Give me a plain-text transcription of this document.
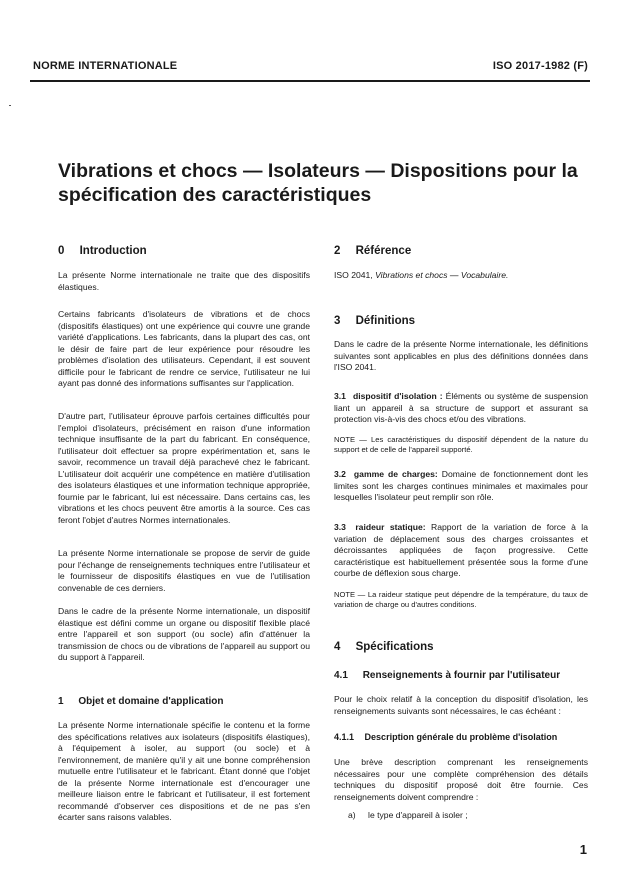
NORME INTERNATIONALE	ISO 2017-1982 (F)
Vibrations et chocs — Isolateurs — Dispositions pour la spécification des caractéristiques
0 Introduction

La présente Norme internationale ne traite que des dispositifs élastiques.

Certains fabricants d'isolateurs de vibrations et de chocs (dispositifs élastiques) ont une expérience qui couvre une grande variété d'applications. Les fabricants, dans la plupart des cas, ont le désir de faire part de leur expérience pour résoudre les problèmes d'isolation des utilisateurs. Cependant, il est souvent difficile pour le fabricant de rendre ce service, l'utilisateur ne lui ayant pas donné des informations suffisantes sur l'application.

D'autre part, l'utilisateur éprouve parfois certaines difficultés pour l'emploi d'isolateurs, précisément en raison d'une information technique insuffisante de la part du fabricant. En conséquence, l'utilisateur doit effectuer sa propre expérimentation et, sans le savoir, recommence un travail déjà parachevé chez le fabricant. L'utilisateur doit acquérir une compétence en matière d'utilisation des isolateurs élastiques et une information technique appropriée, fournie par le fabricant, lui est nécessaire. Dans certains cas, les vibrations et les chocs peuvent être amortis à la source. Ces cas feront l'objet d'autres Normes internationales.

La présente Norme internationale se propose de servir de guide pour l'échange de renseignements techniques entre l'utilisateur et le fournisseur de dispositifs élastiques en vue de l'utilisation convenable de ces derniers.

Dans le cadre de la présente Norme internationale, un dispositif élastique est défini comme un organe ou dispositif flexible placé entre l'appareil et son support (ou socle) afin d'atténuer la transmission de chocs ou de vibrations de l'appareil au support ou du support à l'appareil.

1 Objet et domaine d'application

La présente Norme internationale spécifie le contenu et la forme des spécifications relatives aux isolateurs (dispositifs élastiques), à l'équipement à isoler, au support (ou socle) et à l'environnement, de manière qu'il y ait une bonne compréhension mutuelle entre l'utilisateur et le fabricant. Étant donné que l'objet de la présente Norme internationale est d'encourager une meilleure liaison entre le fabricant et l'utilisateur, il est fortement recommandé d'observer ces dispositions et de ne pas s'en écarter sans raisons valables.

2 Référence

ISO 2041, Vibrations et chocs — Vocabulaire.

3 Définitions

Dans le cadre de la présente Norme internationale, les définitions suivantes sont applicables en plus des définitions données dans l'ISO 2041.

3.1 dispositif d'isolation : Éléments ou système de suspension liant un appareil à sa structure de support et assurant sa protection vis-à-vis des chocs et/ou des vibrations.

NOTE — Les caractéristiques du dispositif dépendent de la nature du support et de celle de l'appareil supporté.

3.2 gamme de charges: Domaine de fonctionnement dont les limites sont les charges continues minimales et maximales pour lesquelles l'isolateur peut remplir son rôle.

3.3 raideur statique: Rapport de la variation de force à la variation de déplacement sous des charges croissantes et décroissantes appliquées de façon progressive. Cette caractéristique est habituellement présentée sous la forme d'une courbe de déflexion sous charge.

NOTE — La raideur statique peut dépendre de la température, du taux de variation de charge ou d'autres conditions.

4 Spécifications
4.1 Renseignements à fournir par l'utilisateur

Pour le choix relatif à la conception du dispositif d'isolation, les renseignements suivants sont nécessaires, le cas échéant :

4.1.1 Description générale du problème d'isolation

Une brève description comprenant les renseignements nécessaires pour une complète compréhension des détails techniques du dispositif proposé doit être fournie. Ces renseignements doivent comprendre :

a) le type d'appareil à isoler ;

1
